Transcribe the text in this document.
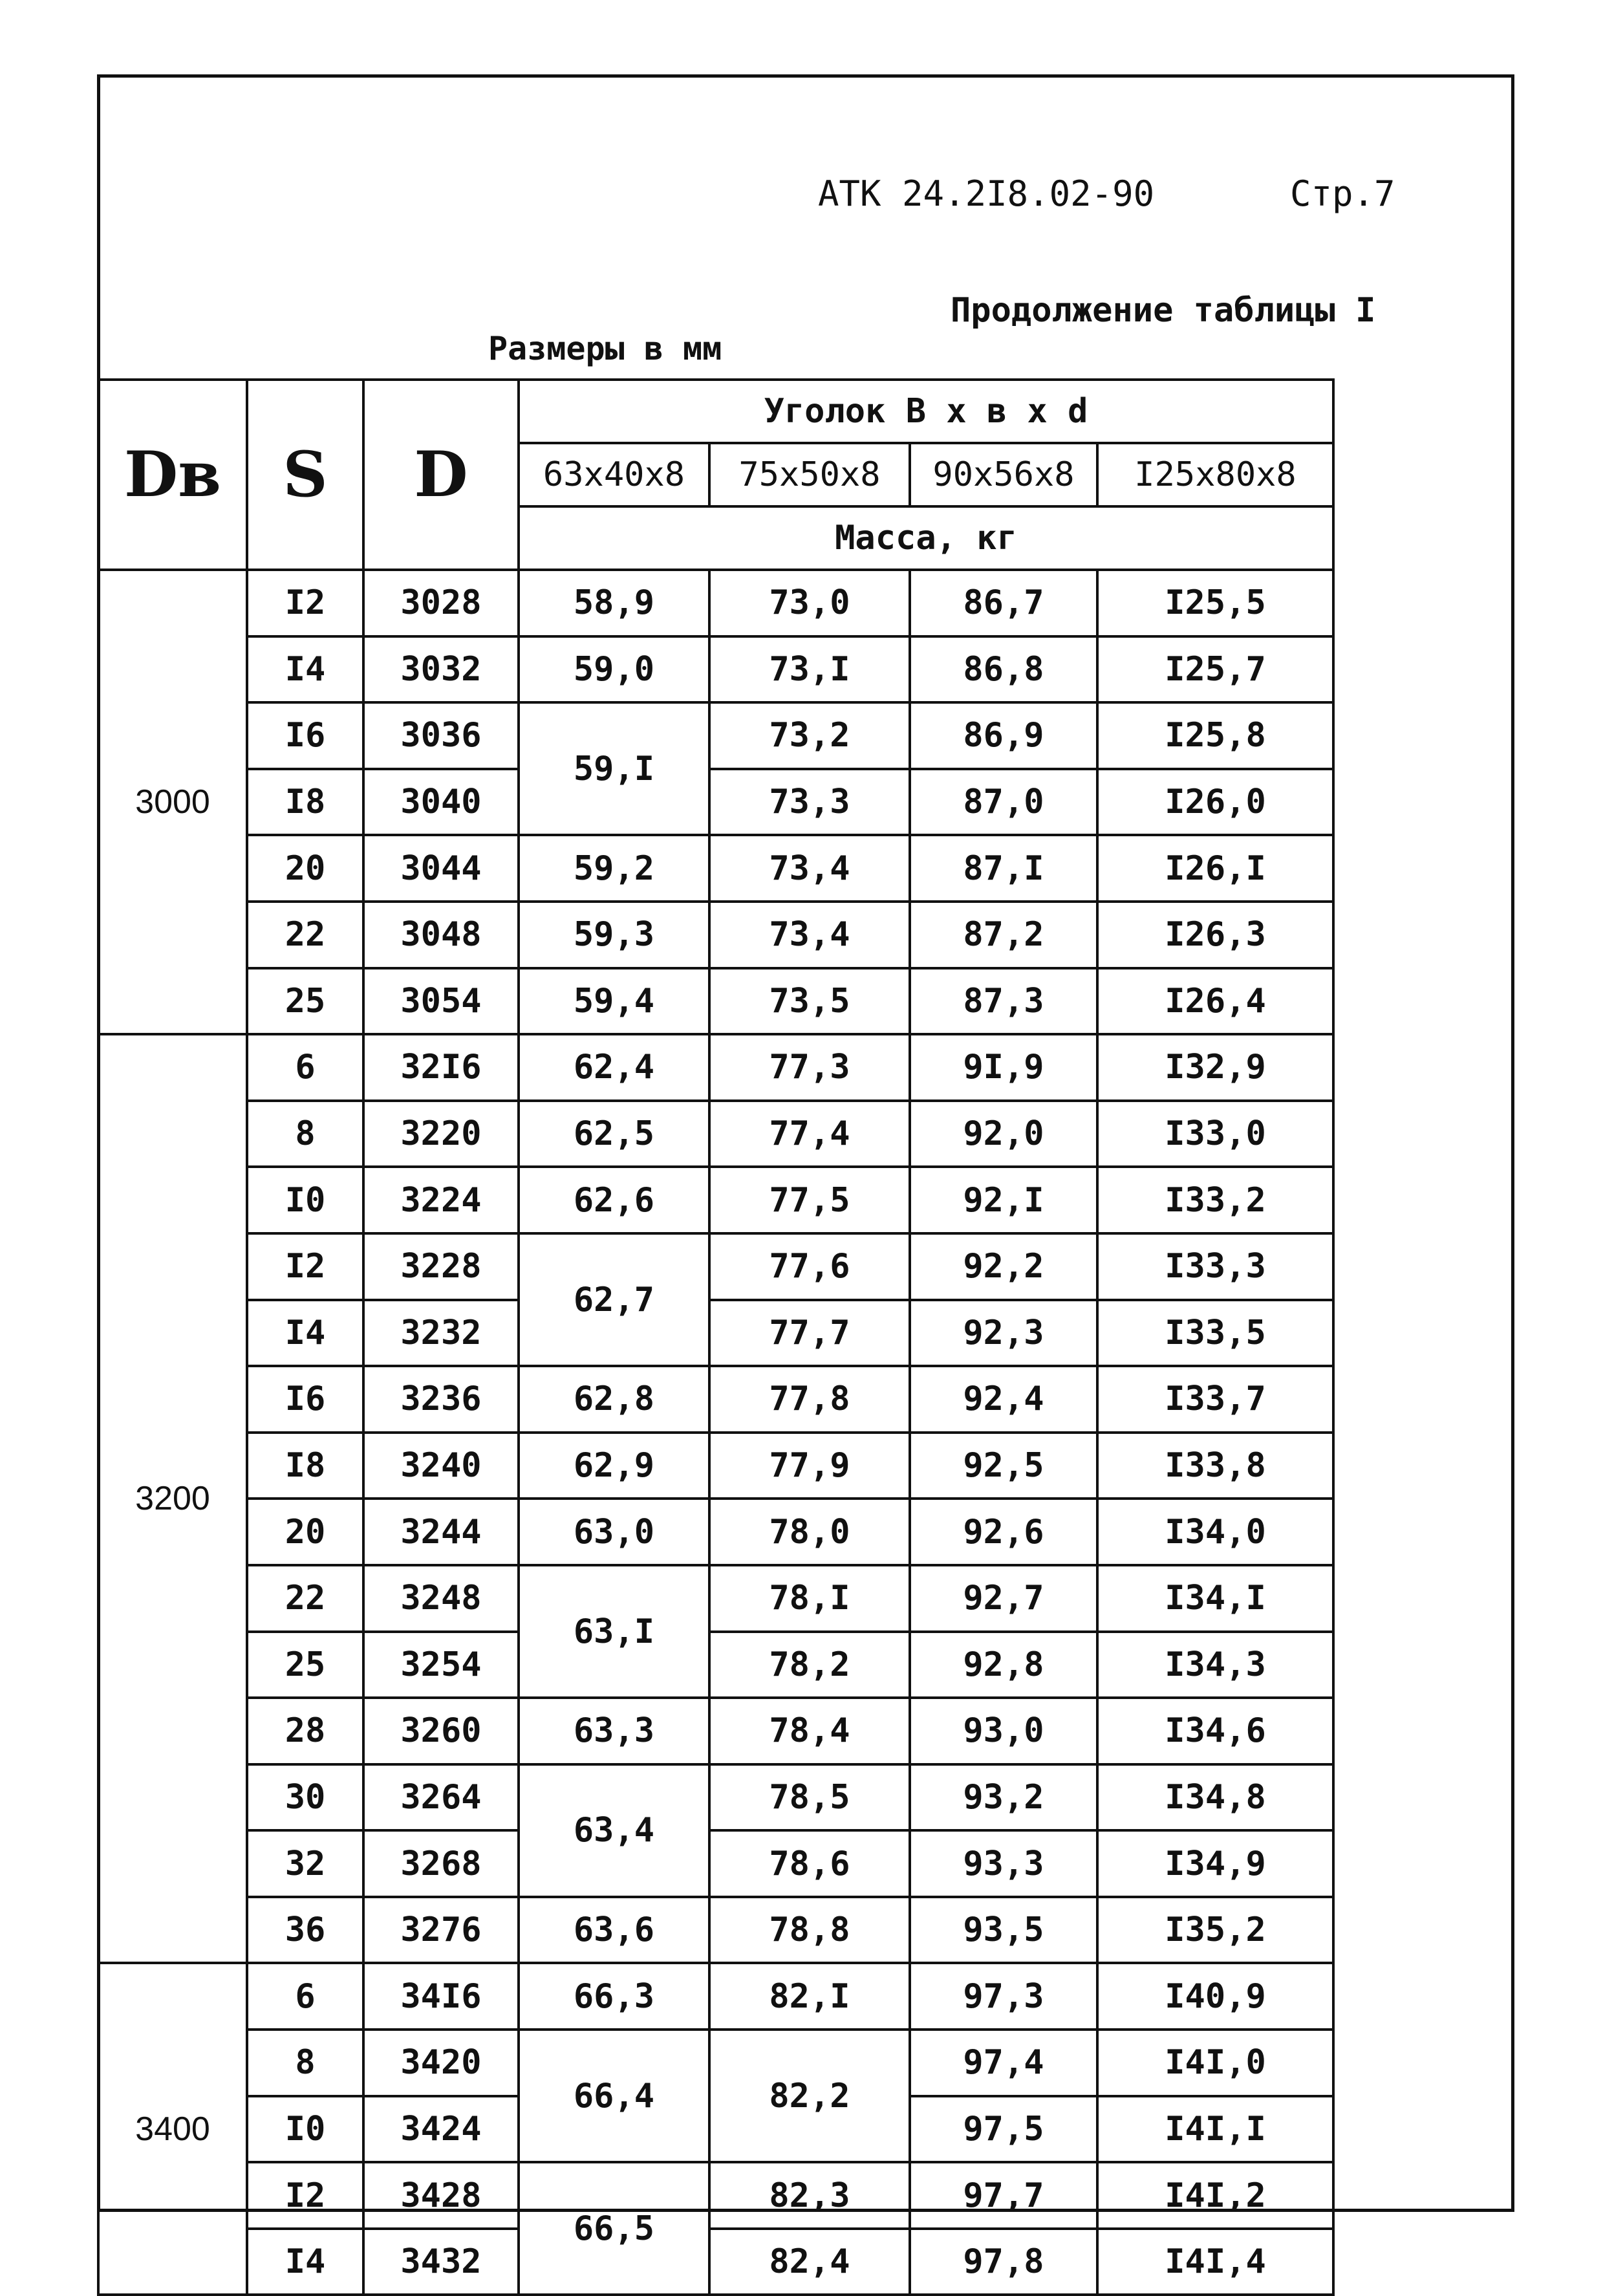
АТК 24.2I8.02-90	Стр.7
Продолжение таблицы I
Размеры в мм
Dв	S	D	Уголок В х в х d			
			63х40х8	75х50х8	90х56х8	I25х80х8
			Масса, кг			
3000	I2	3028	58,9	73,0	86,7	I25,5
	I4	3032	59,0	73,I	86,8	I25,7
	I6	3036	59,I	73,2	86,9	I25,8
	I8	3040		73,3	87,0	I26,0
	20	3044	59,2	73,4	87,I	I26,I
	22	3048	59,3	73,4	87,2	I26,3
	25	3054	59,4	73,5	87,3	I26,4
3200	6	32I6	62,4	77,3	9I,9	I32,9
	8	3220	62,5	77,4	92,0	I33,0
	I0	3224	62,6	77,5	92,I	I33,2
	I2	3228	62,7	77,6	92,2	I33,3
	I4	3232		77,7	92,3	I33,5
	I6	3236	62,8	77,8	92,4	I33,7
	I8	3240	62,9	77,9	92,5	I33,8
	20	3244	63,0	78,0	92,6	I34,0
	22	3248	63,I	78,I	92,7	I34,I
	25	3254		78,2	92,8	I34,3
	28	3260	63,3	78,4	93,0	I34,6
	30	3264	63,4	78,5	93,2	I34,8
	32	3268		78,6	93,3	I34,9
	36	3276	63,6	78,8	93,5	I35,2
3400	6	34I6	66,3	82,I	97,3	I40,9
	8	3420	66,4	82,2	97,4	I4I,0
	I0	3424			97,5	I4I,I
	I2	3428	66,5	82,3	97,7	I4I,2
	I4	3432		82,4	97,8	I4I,4
